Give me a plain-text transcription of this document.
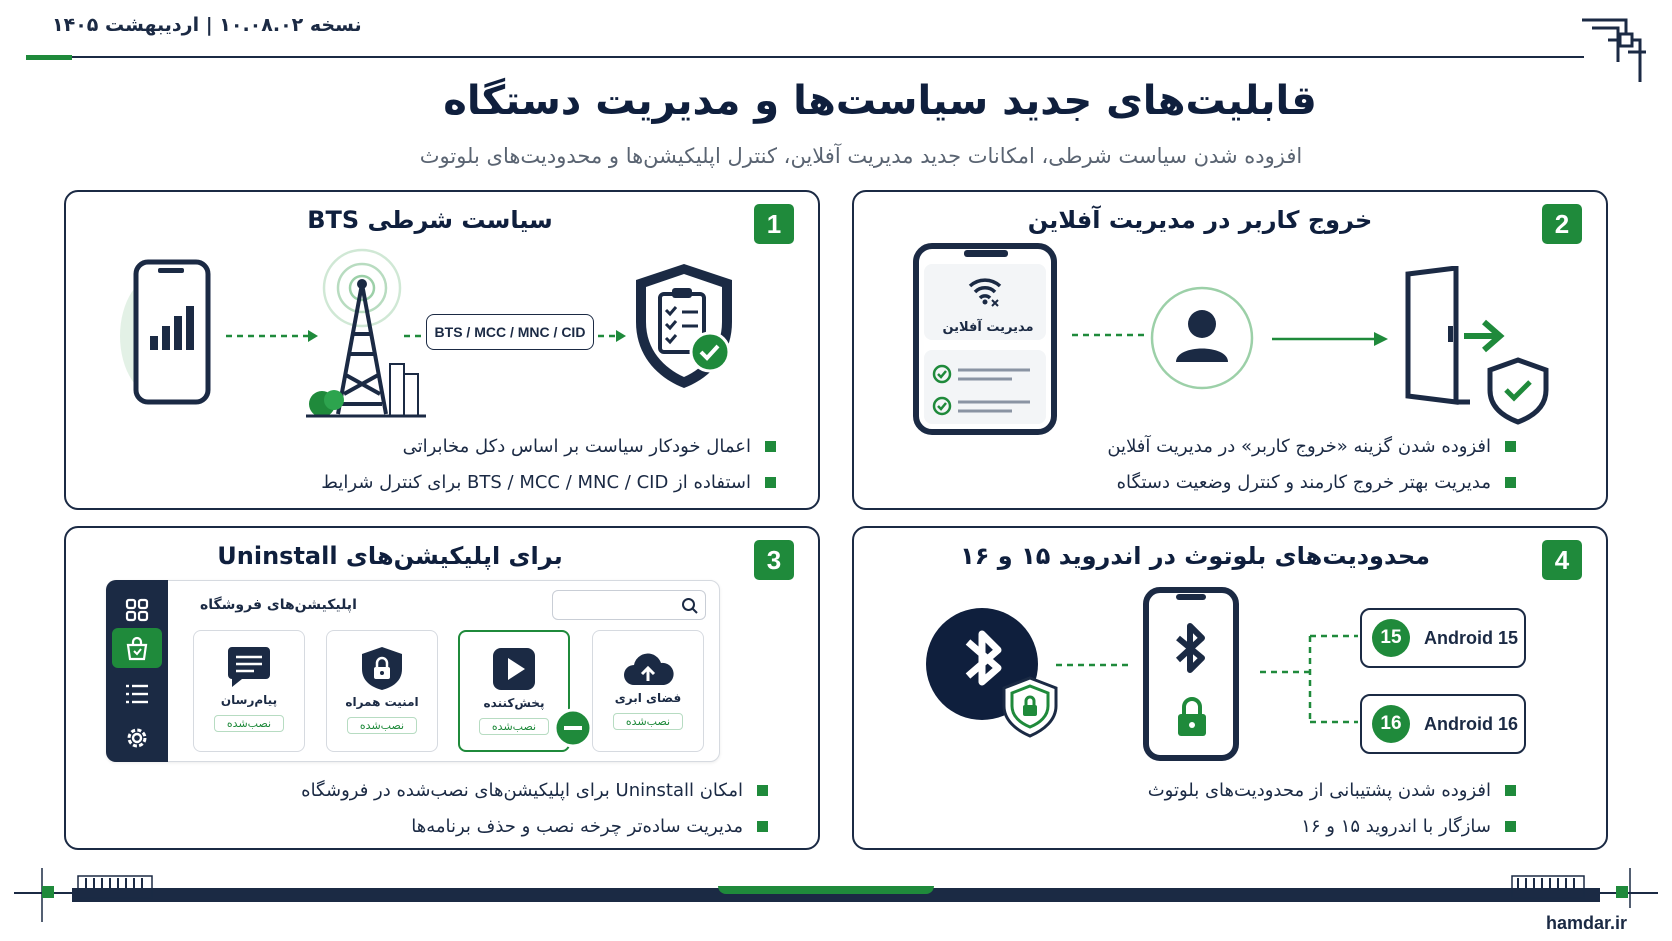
نسخه ۱۰.۰۸.۰۲ | اردیبهشت ۱۴۰۵
قابلیت‌های جدید سیاست‌ها و مدیریت دستگاه
افزوده شدن سیاست شرطی، امکانات جدید مدیریت آفلاین، کنترل اپلیکیشن‌ها و محدودیت‌های بلوتوث
1
سیاست شرطی BTS
BTS / MCC / MNC / CID
اعمال خودکار سیاست بر اساس دکل مخابراتی
استفاده از BTS / MCC / MNC / CID برای کنترل شرایط
2
خروج کاربر در مدیریت آفلاین
مدیریت آفلاین
افزوده شدن گزینه «خروج کاربر» در مدیریت آفلاین
مدیریت بهتر خروج کارمند و کنترل وضعیت دستگاه
3
برای اپلیکیشن‌های Uninstall
اپلیکیشن‌های فروشگاه
پیام‌رسان
نصب‌شده
امنیت همراه
نصب‌شده
پخش‌کننده
نصب‌شده
فضای ابری
نصب‌شده
امکان Uninstall برای اپلیکیشن‌های نصب‌شده در فروشگاه
مدیریت ساده‌تر چرخه نصب و حذف برنامه‌ها
4
محدودیت‌های بلوتوث در اندروید ۱۵ و ۱۶
15	Android 15
16	Android 16
افزوده شدن پشتیبانی از محدودیت‌های بلوتوث
سازگار با اندروید ۱۵ و ۱۶
hamdar.ir
